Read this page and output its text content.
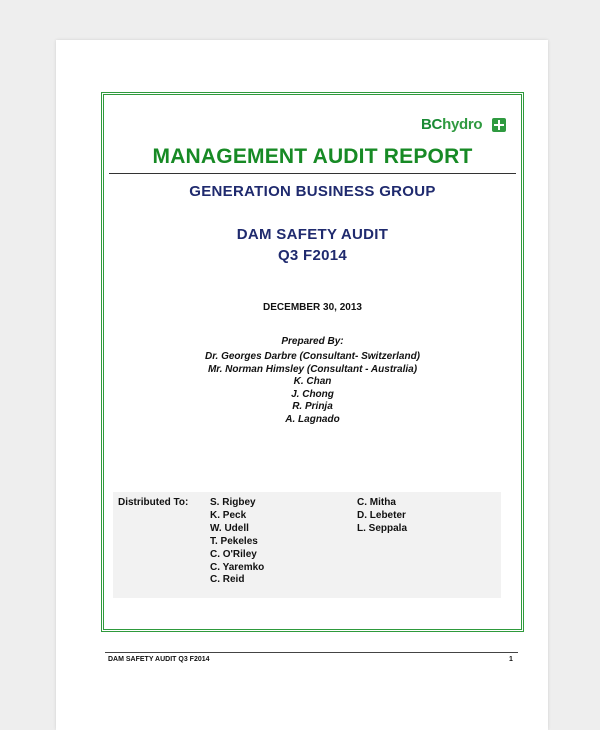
BChydro
MANAGEMENT AUDIT REPORT
GENERATION BUSINESS GROUP
DAM SAFETY AUDIT
Q3 F2014
DECEMBER 30, 2013
Prepared By:
Dr. Georges Darbre (Consultant- Switzerland)
Mr. Norman Himsley (Consultant - Australia)
K. Chan
J. Chong
R. Prinja
A. Lagnado
Distributed To: S. Rigbey
K. Peck
W. Udell
T. Pekeles
C. O'Riley
C. Yaremko
C. Reid
C. Mitha
D. Lebeter
L. Seppala
DAM SAFETY AUDIT Q3 F2014	1
